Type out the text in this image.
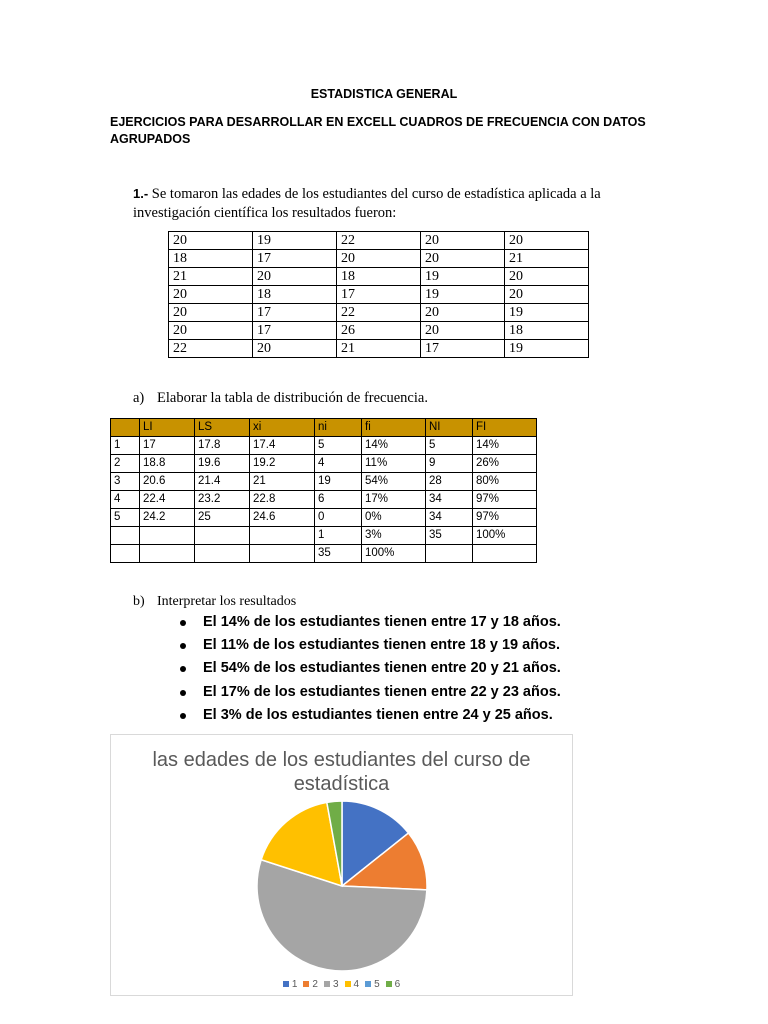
ESTADISTICA GENERAL
EJERCICIOS PARA DESARROLLAR EN EXCELL CUADROS DE FRECUENCIA CON DATOS AGRUPADOS
1.- Se tomaron las edades de los estudiantes del curso de estadística aplicada a la investigación científica los resultados fueron:
20	19	22	20	20
18	17	20	20	21
21	20	18	19	20
20	18	17	19	20
20	17	22	20	19
20	17	26	20	18
22	20	21	17	19
a) Elaborar la tabla de distribución de frecuencia.
	LI	LS	xi	ni	fi	NI	FI
1	17	17.8	17.4	5	14%	5	14%
2	18.8	19.6	19.2	4	11%	9	26%
3	20.6	21.4	21	19	54%	28	80%
4	22.4	23.2	22.8	6	17%	34	97%
5	24.2	25	24.6	0	0%	34	97%
				1	3%	35	100%
				35	100%		
b) Interpretar los resultados
El 14% de los estudiantes tienen entre 17 y 18 años.
El 11% de los estudiantes tienen entre 18 y 19 años.
El 54% de los estudiantes tienen entre 20 y 21 años.
El 17% de los estudiantes tienen entre 22 y 23 años.
El 3% de los estudiantes tienen entre 24 y 25 años.
las edades de los estudiantes del curso de estadística
1 2 3 4 5 6
